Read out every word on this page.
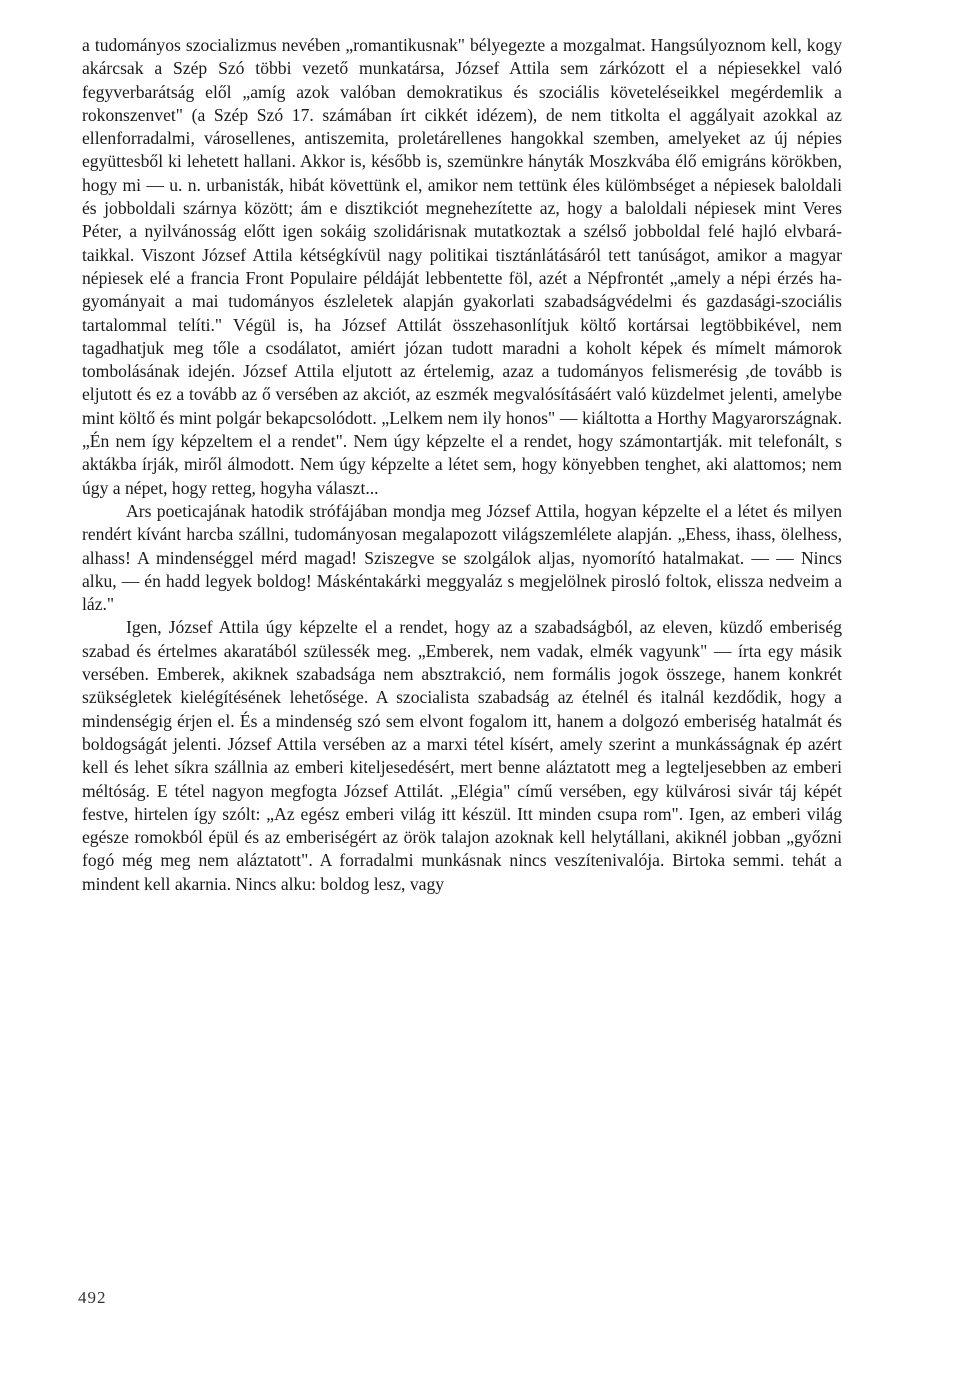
a tudományos szocializmus nevében „romantikusnak" bélyegezte a mozgalmat. Hangsúlyoznom kell, kogy akárcsak a Szép Szó többi vezető munkatársa, József Attila sem zárkózott el a népiesekkel való fegyverbarátság elől „amíg azok valóban demokratikus és szociális követeléseikkel megérdemlik a rokonszenvet" (a Szép Szó 17. számában írt cikkét idézem), de nem titkolta el aggályait azokkal az ellenforradalmi, városellenes, antiszemita, proletárellenes hangokkal szemben, amelyeket az új népies együttesből ki lehetett hallani. Akkor is, később is, szemünkre hányták Moszkvába élő emigráns körökben, hogy mi — u. n. urbanisták, hibát követtünk el, amikor nem tettünk éles külömbséget a népiesek baloldali és jobboldali szárnya között; ám e disztikciót megnehezítette az, hogy a baloldali népiesek mint Veres Péter, a nyilvánosság előtt igen sokáig szolidárisnak mutatkoztak a szélső jobboldal felé hajló elvbarátaikkal. Viszont József Attila kétségkívül nagy politikai tisztánlátásáról tett tanúságot, amikor a magyar népiesek elé a francia Front Populaire példáját lebbentette föl, azét a Népfrontét „amely a népi érzés hagyományait a mai tudományos észleletek alapján gyakorlati szabadságvédelmi és gazdasági-szociális tartalommal telíti." Végül is, ha József Attilát összehasonlítjuk költő kortársai legtöbbikével, nem tagadhatjuk meg tőle a csodálatot, amiért józan tudott maradni a koholt képek és mímelt mámorok tombolásának idején. József Attila eljutott az értelemig, azaz a tudományos felismerésig ,de tovább is eljutott és ez a tovább az ő versében az akciót, az eszmék megvalósításáért való küzdelmet jelenti, amelybe mint költő és mint polgár bekapcsolódott. „Lelkem nem ily honos" — kiáltotta a Horthy Magyarországnak. „Én nem így képzeltem el a rendet". Nem úgy képzelte el a rendet, hogy számontartják. mit telefonált, s aktákba írják, miről álmodott. Nem úgy képzelte a létet sem, hogy könyebben tenghet, aki alattomos; nem úgy a népet, hogy retteg, hogyha választ...

Ars poeticajának hatodik strófájában mondja meg József Attila, hogyan képzelte el a létet és milyen rendért kívánt harcba szállni, tudományosan megalapozott világszemlélete alapján. „Ehess, ihass, ölelhess, alhass! A mindenséggel mérd magad! Sziszegve se szolgálok aljas, nyomorító hatalmakat. — — Nincs alku, — én hadd legyek boldog! Máskéntakárki meggyaláz s megjelölnek pirosló foltok, elissza nedveim a láz."

Igen, József Attila úgy képzelte el a rendet, hogy az a szabadságból, az eleven, küzdő emberiség szabad és értelmes akaratából szülessék meg. „Emberek, nem vadak, elmék vagyunk" — írta egy másik versében. Emberek, akiknek szabadsága nem absztrakció, nem formális jogok összege, hanem konkrét szükségletek kielégítésének lehetősége. A szocialista szabadság az ételnél és italnál kezdődik, hogy a mindenségig érjen el. És a mindenség szó sem elvont fogalom itt, hanem a dolgozó emberiség hatalmát és boldogságát jelenti. József Attila versében az a marxi tétel kísért, amely szerint a munkásságnak ép azért kell és lehet síkra szállnia az emberi kiteljesedésért, mert benne aláztatott meg a legteljesebben az emberi méltóság. E tétel nagyon megfogta József Attilát. „Elégia" című versében, egy külvárosi sivár táj képét festve, hirtelen így szólt: „Az egész emberi világ itt készül. Itt minden csupa rom". Igen, az emberi világ egésze romokból épül és az emberiségért az örök talajon azoknak kell helytállani, akiknél jobban „győzni fogó még meg nem aláztatott". A forradalmi munkásnak nincs veszítenivalója. Birtoka semmi. tehát a mindent kell akarnia. Nincs alku: boldog lesz, vagy

492
